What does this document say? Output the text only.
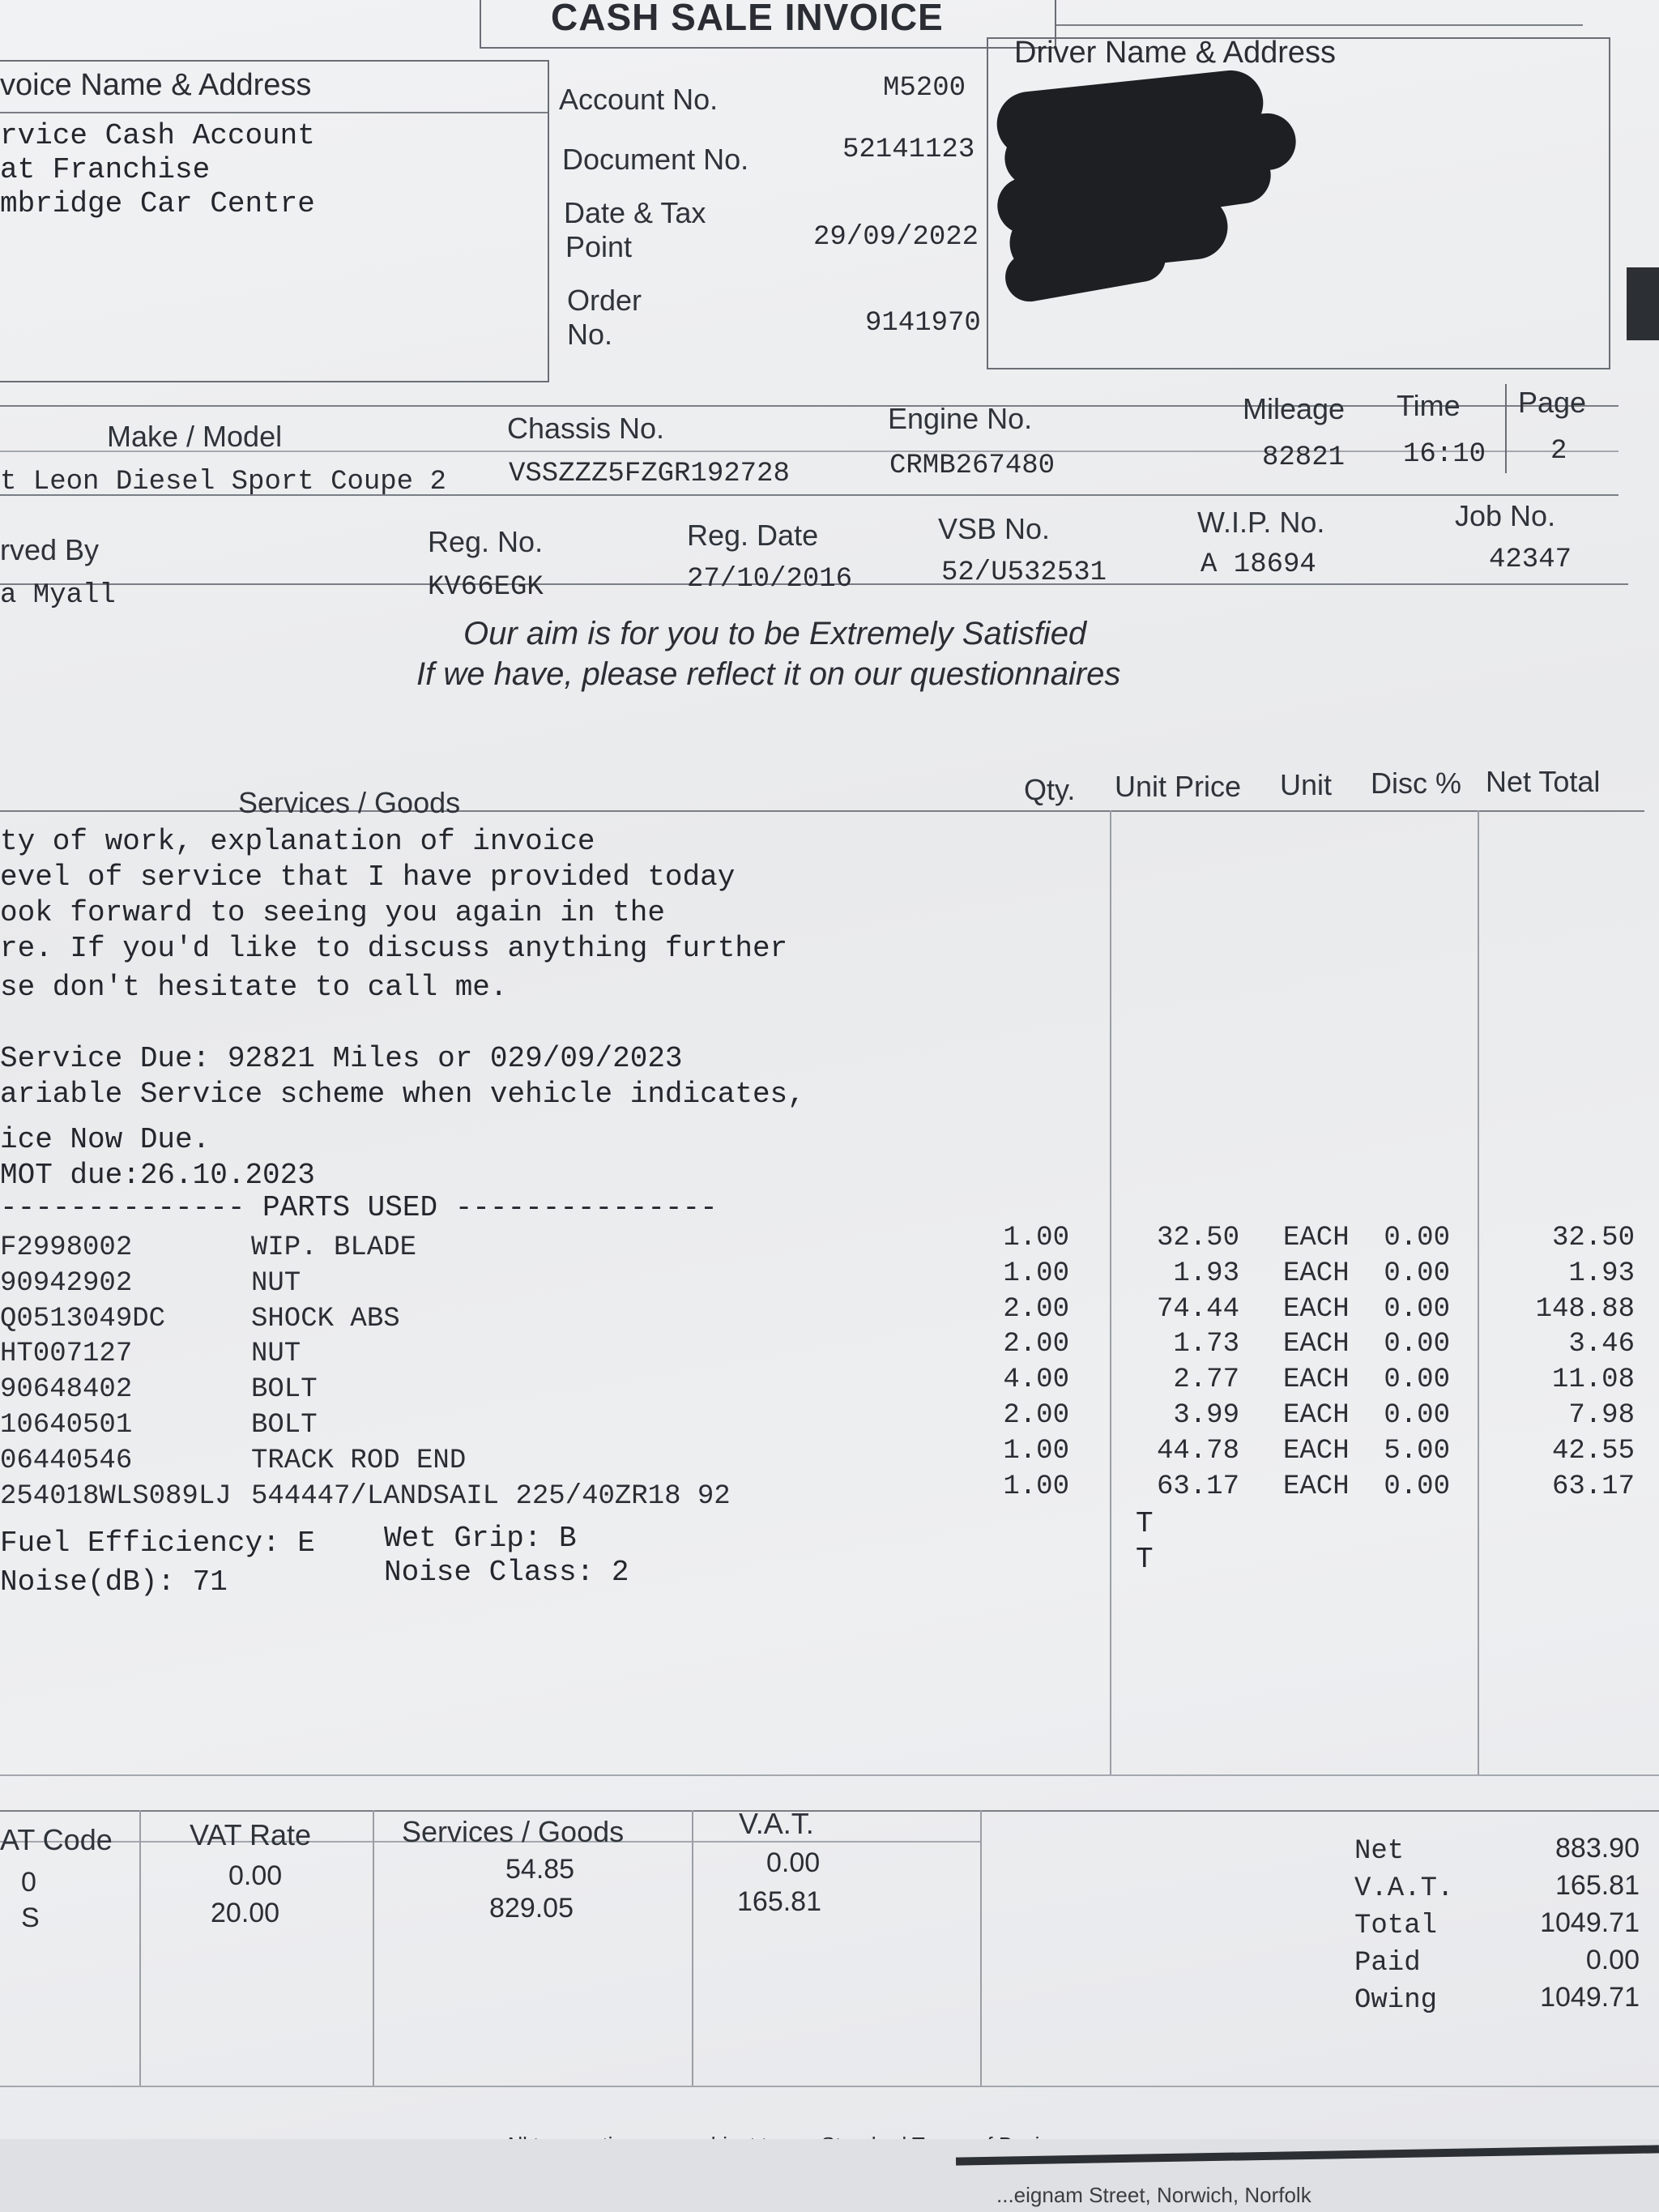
CASH SALE INVOICE
voice Name & Address
rvice Cash Account
at Franchise
mbridge Car Centre
Account No.	M5200
Document No.	52141123
Date & Tax
Point	29/09/2022
Order
No.	9141970
Driver Name & Address
Make / Model
t Leon Diesel Sport Coupe 2
Chassis No.
VSSZZZ5FZGR192728
Engine No.
CRMB267480
Mileage
82821
Time
16:10
Page
2
rved By
a Myall
Reg. No.
KV66EGK
Reg. Date
27/10/2016
VSB No.
52/U532531
W.I.P. No.
A 18694
Job No.
42347
Our aim is for you to be Extremely Satisfied
If we have, please reflect it on our questionnaires
Services / Goods	Qty. Unit Price Unit Disc % Net Total
ty of work, explanation of invoice
evel of service that I have provided today
ook forward to seeing you again in the
re. If you'd like to discuss anything further
se don't hesitate to call me.
Service Due: 92821 Miles or 029/09/2023
ariable Service scheme when vehicle indicates,
ice Now Due.
MOT due:26.10.2023
-------------- PARTS USED ---------------
F2998002	WIP. BLADE	1.00	32.50 EACH 0.00	32.50
90942902	NUT	1.00	1.93 EACH 0.00	1.93
Q0513049DC	SHOCK ABS	2.00	74.44 EACH 0.00	148.88
HT007127	NUT	2.00	1.73 EACH 0.00	3.46
90648402	BOLT	4.00	2.77 EACH 0.00	11.08
10640501	BOLT	2.00	3.99 EACH 0.00	7.98
06440546	TRACK ROD END	1.00	44.78 EACH 5.00	42.55
254018WLS089LJ 544447/LANDSAIL 225/40ZR18 92	1.00	63.17 EACH 0.00	63.17
Fuel Efficiency: E Wet Grip: B
Noise(dB): 71	Noise Class: 2
T
T
AT Code	VAT Rate	Services / Goods	V.A.T.
0	0.00	54.85	0.00
S	20.00	829.05	165.81
Net	883.90
V.A.T.	165.81
Total	1049.71
Paid	0.00
Owing	1049.71
...eignam Street, Norwich, Norfolk
